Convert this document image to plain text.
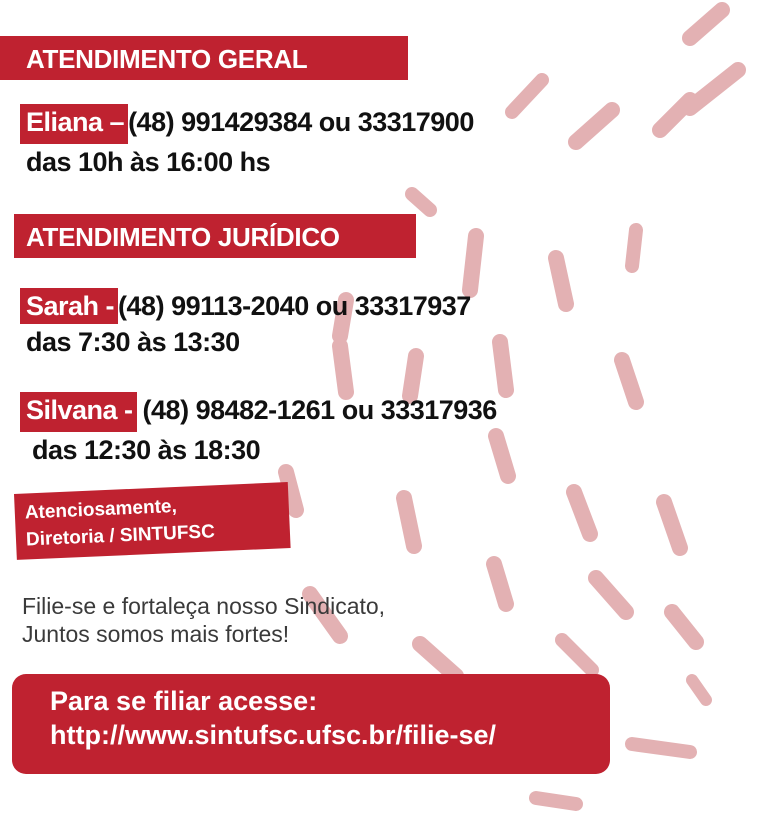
ATENDIMENTO GERAL
Eliana – (48) 991429384 ou 33317900
das 10h às 16:00 hs
ATENDIMENTO JURÍDICO
Sarah - (48) 99113-2040 ou 33317937
das 7:30 às 13:30
Silvana - (48) 98482-1261 ou 33317936
das 12:30 às 18:30
Atenciosamente,
Diretoria / SINTUFSC
Filie-se e fortaleça nosso Sindicato,
Juntos somos mais fortes!
Para se filiar acesse:
http://www.sintufsc.ufsc.br/filie-se/
